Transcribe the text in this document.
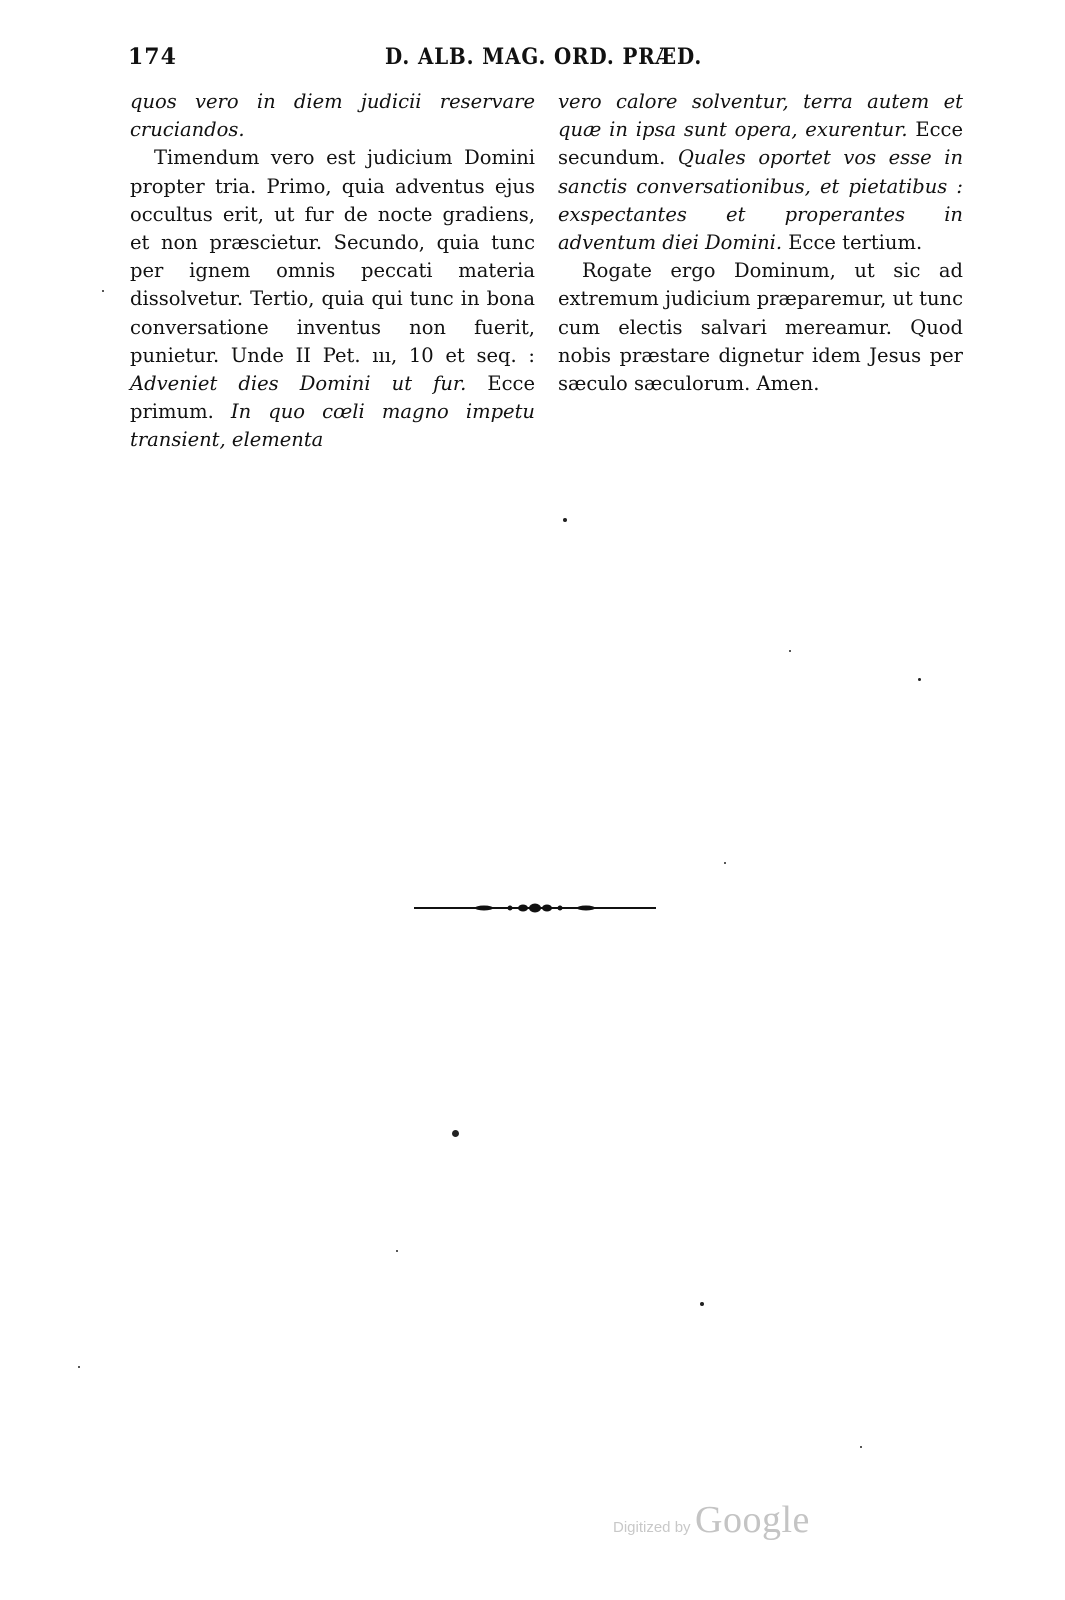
174	D. ALB. MAG. ORD. PRÆD.

quos vero in diem judicii reservare cruciandos.

Timendum vero est judicium Domini propter tria. Primo, quia adventus ejus occultus erit, ut fur de nocte gradiens, et non præscietur. Secundo, quia tunc per ignem omnis peccati materia dissolvetur. Tertio, quia qui tunc in bona conversatione inventus non fuerit, punietur. Unde II Pet. ııı, 10 et seq. : Adveniet dies Domini ut fur. Ecce primum. In quo cœli magno impetu transient, elementa

vero calore solventur, terra autem et quæ in ipsa sunt opera, exurentur. Ecce secundum. Quales oportet vos esse in sanctis conversationibus, et pietatibus : exspectantes et properantes in adventum diei Domini. Ecce tertium.

Rogate ergo Dominum, ut sic ad extremum judicium præparemur, ut tunc cum electis salvari mereamur. Quod nobis præstare dignetur idem Jesus per sæculo sæculorum. Amen.

Digitized by Google
